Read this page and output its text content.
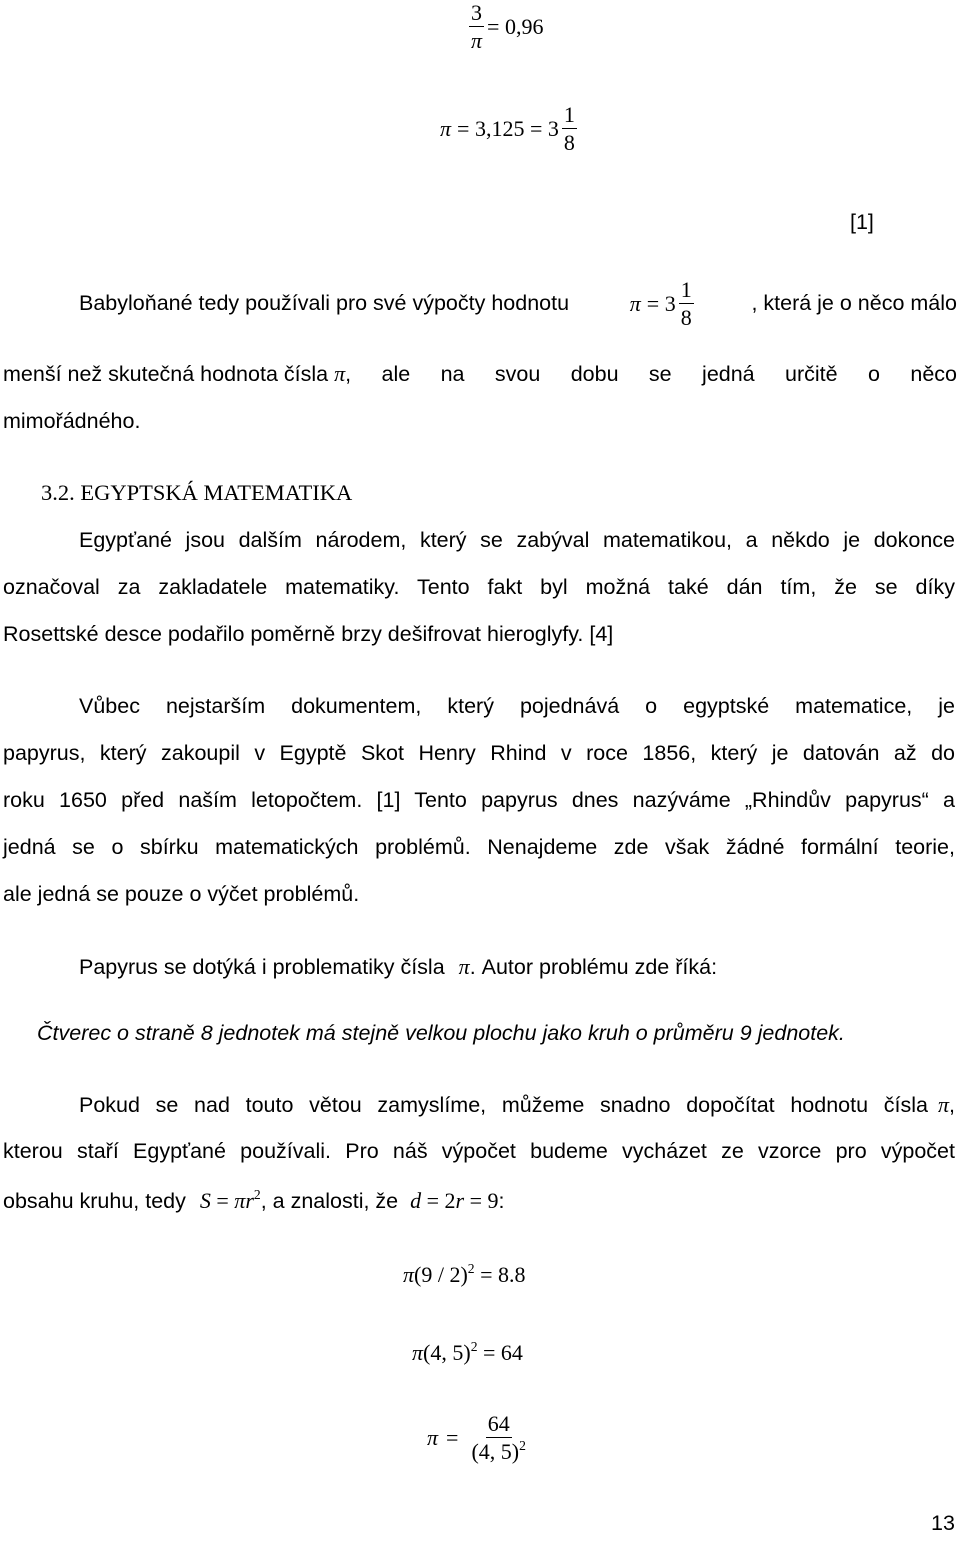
$\frac{3}{\pi} = 0,96$
$\pi = 3,125 = 3 \frac{1}{8}$
[1]
Babyloňané tedy používali pro své výpočty hodnotu	$\pi = 3 \frac{1}{8}$	, která je o něco málo
menší než skutečná hodnota čísla π , ale na svou dobu se jedná určitě o něco
mimořádného.
3.2. EGYPTSKÁ MATEMATIKA
Egypťané jsou dalším národem, který se zabýval matematikou, a někdo je dokonce
označoval za zakladatele matematiky. Tento fakt byl možná také dán tím, že se díky
Rosettské desce podařilo poměrně brzy dešifrovat hieroglyfy. [4]
Vůbec nejstarším dokumentem, který pojednává o egyptské matematice, je
papyrus, který zakoupil v Egyptě Skot Henry Rhind v roce 1856, který je datován až do
roku 1650 před naším letopočtem. [1] Tento papyrus dnes nazýváme „Rhindův papyrus“ a
jedná se o sbírku matematických problémů. Nenajdeme zde však žádné formální teorie,
ale jedná se pouze o výčet problémů.
Papyrus se dotýká i problematiky čísla π. Autor problému zde říká:
Čtverec o straně 8 jednotek má stejně velkou plochu jako kruh o průměru 9 jednotek.
Pokud se nad touto větou zamyslíme, můžeme snadno dopočítat hodnotu čísla π ,
kterou staří Egypťané používali. Pro náš výpočet budeme vycházet ze vzorce pro výpočet
obsahu kruhu, tedy $S = \pi r^2$, a znalosti, že d = 2r = 9:
π(9 / 2)$^2$ = 8.8
π(4, 5)$^2$ = 64
$\pi = \frac{64}{(4, 5)^2}$
13
